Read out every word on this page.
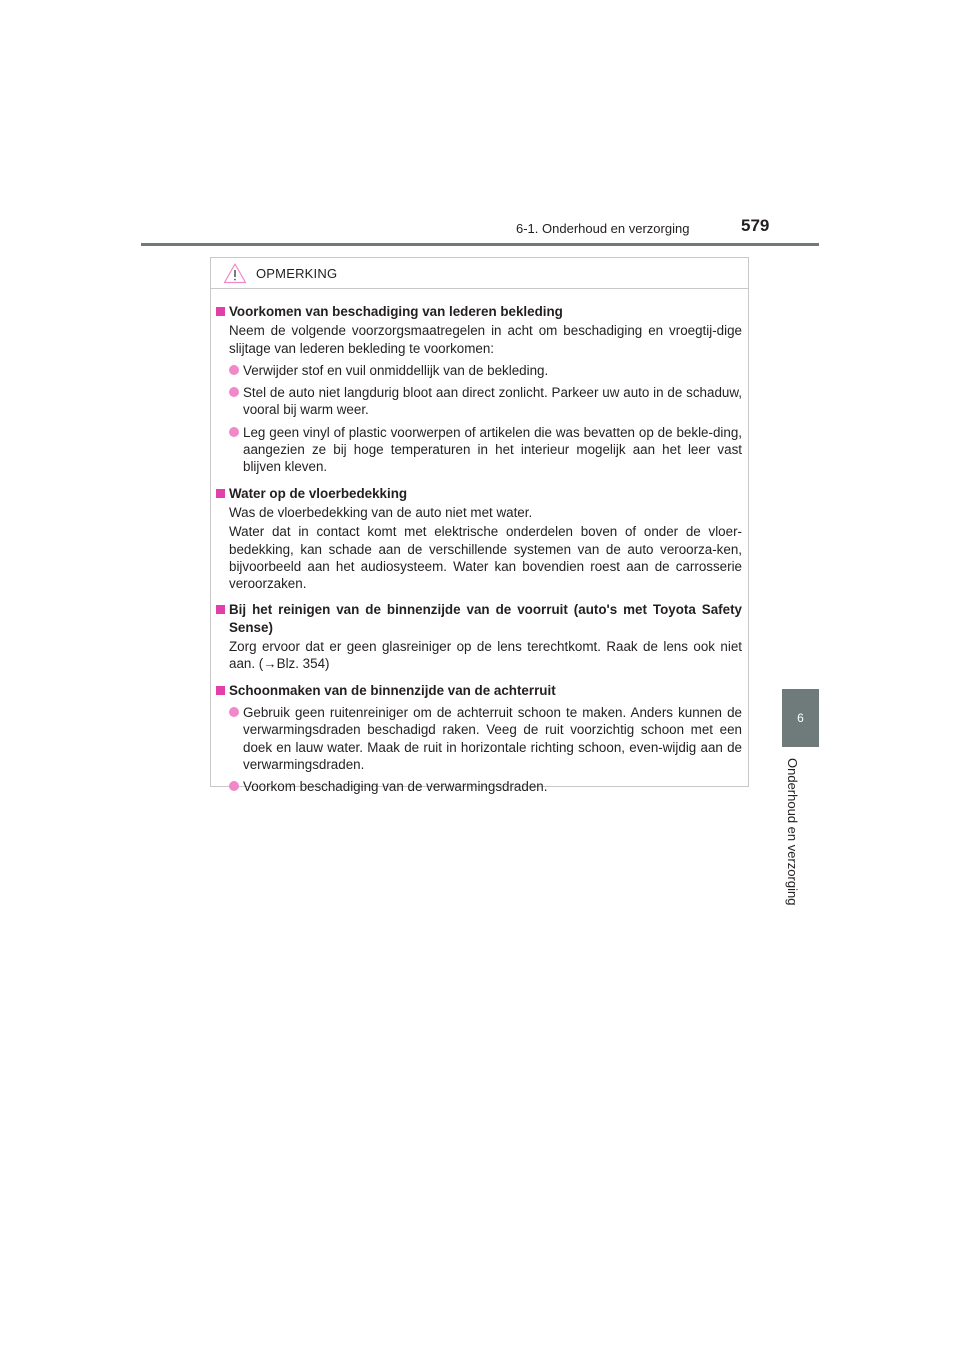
6-1. Onderhoud en verzorging	579
6
Onderhoud en verzorging
OPMERKING
Voorkomen van beschadiging van lederen bekleding
Neem de volgende voorzorgsmaatregelen in acht om beschadiging en vroegtij-dige slijtage van lederen bekleding te voorkomen:
Verwijder stof en vuil onmiddellijk van de bekleding.
Stel de auto niet langdurig bloot aan direct zonlicht. Parkeer uw auto in de schaduw, vooral bij warm weer.
Leg geen vinyl of plastic voorwerpen of artikelen die was bevatten op de bekle-ding, aangezien ze bij hoge temperaturen in het interieur mogelijk aan het leer vast blijven kleven.
Water op de vloerbedekking
Was de vloerbedekking van de auto niet met water.
Water dat in contact komt met elektrische onderdelen boven of onder de vloer-bedekking, kan schade aan de verschillende systemen van de auto veroorza-ken, bijvoorbeeld aan het audiosysteem. Water kan bovendien roest aan de carrosserie veroorzaken.
Bij het reinigen van de binnenzijde van de voorruit (auto's met Toyota Safety Sense)
Zorg ervoor dat er geen glasreiniger op de lens terechtkomt. Raak de lens ook niet aan. (→Blz. 354)
Schoonmaken van de binnenzijde van de achterruit
Gebruik geen ruitenreiniger om de achterruit schoon te maken. Anders kunnen de verwarmingsdraden beschadigd raken. Veeg de ruit voorzichtig schoon met een doek en lauw water. Maak de ruit in horizontale richting schoon, even-wijdig aan de verwarmingsdraden.
Voorkom beschadiging van de verwarmingsdraden.
